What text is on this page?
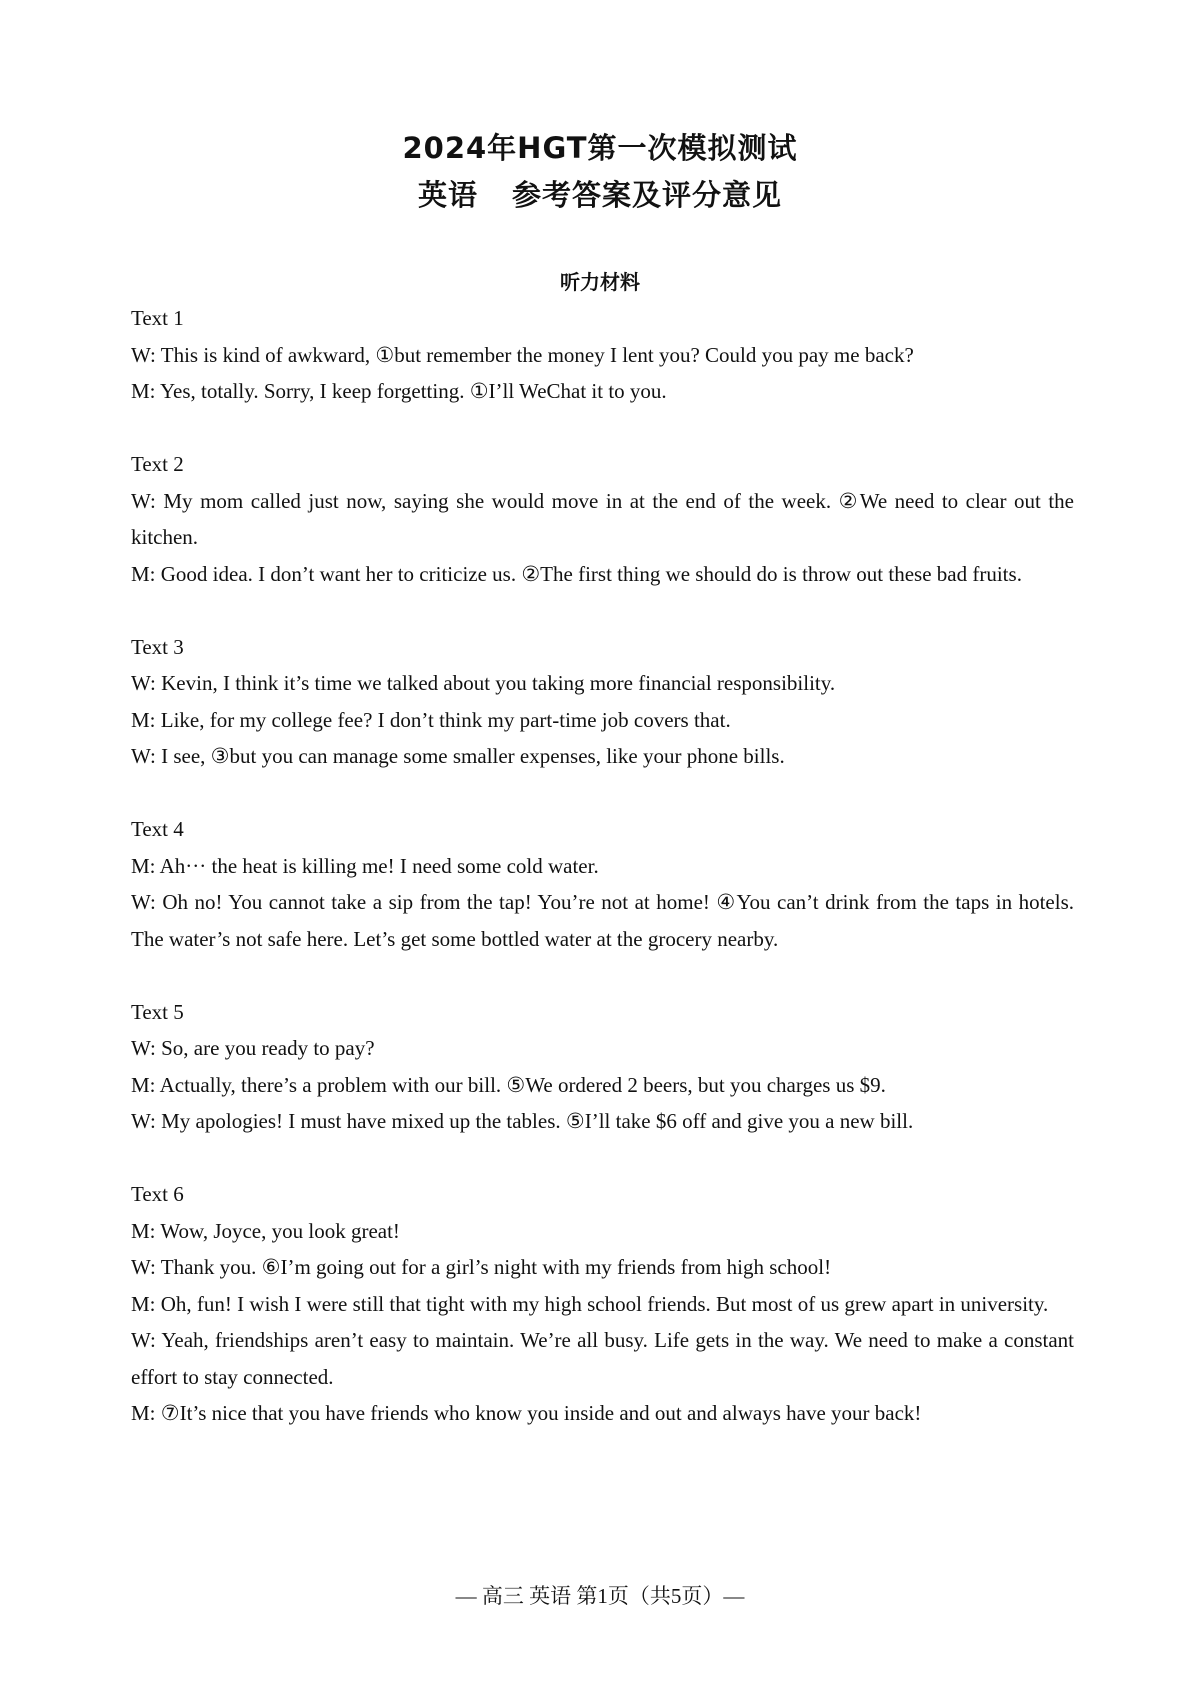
2024年HGT第一次模拟测试
英语 参考答案及评分意见
听力材料
Text 1

W: This is kind of awkward, ①but remember the money I lent you? Could you pay me back?

M: Yes, totally. Sorry, I keep forgetting. ①I’ll WeChat it to you.

Text 2

W: My mom called just now, saying she would move in at the end of the week. ②We need to clear out the kitchen.

M: Good idea. I don’t want her to criticize us. ②The first thing we should do is throw out these bad fruits.

Text 3

W: Kevin, I think it’s time we talked about you taking more financial responsibility.

M: Like, for my college fee? I don’t think my part-time job covers that.

W: I see, ③but you can manage some smaller expenses, like your phone bills.

Text 4

M: Ah··· the heat is killing me! I need some cold water.

W: Oh no! You cannot take a sip from the tap! You’re not at home! ④You can’t drink from the taps in hotels. The water’s not safe here. Let’s get some bottled water at the grocery nearby.

Text 5

W: So, are you ready to pay?

M: Actually, there’s a problem with our bill. ⑤We ordered 2 beers, but you charges us $9.

W: My apologies! I must have mixed up the tables. ⑤I’ll take $6 off and give you a new bill.

Text 6

M: Wow, Joyce, you look great!

W: Thank you. ⑥I’m going out for a girl’s night with my friends from high school!

M: Oh, fun! I wish I were still that tight with my high school friends. But most of us grew apart in university.

W: Yeah, friendships aren’t easy to maintain. We’re all busy. Life gets in the way. We need to make a constant effort to stay connected.

M: ⑦It’s nice that you have friends who know you inside and out and always have your back!

— 高三 英语 第1页（共5页）—
